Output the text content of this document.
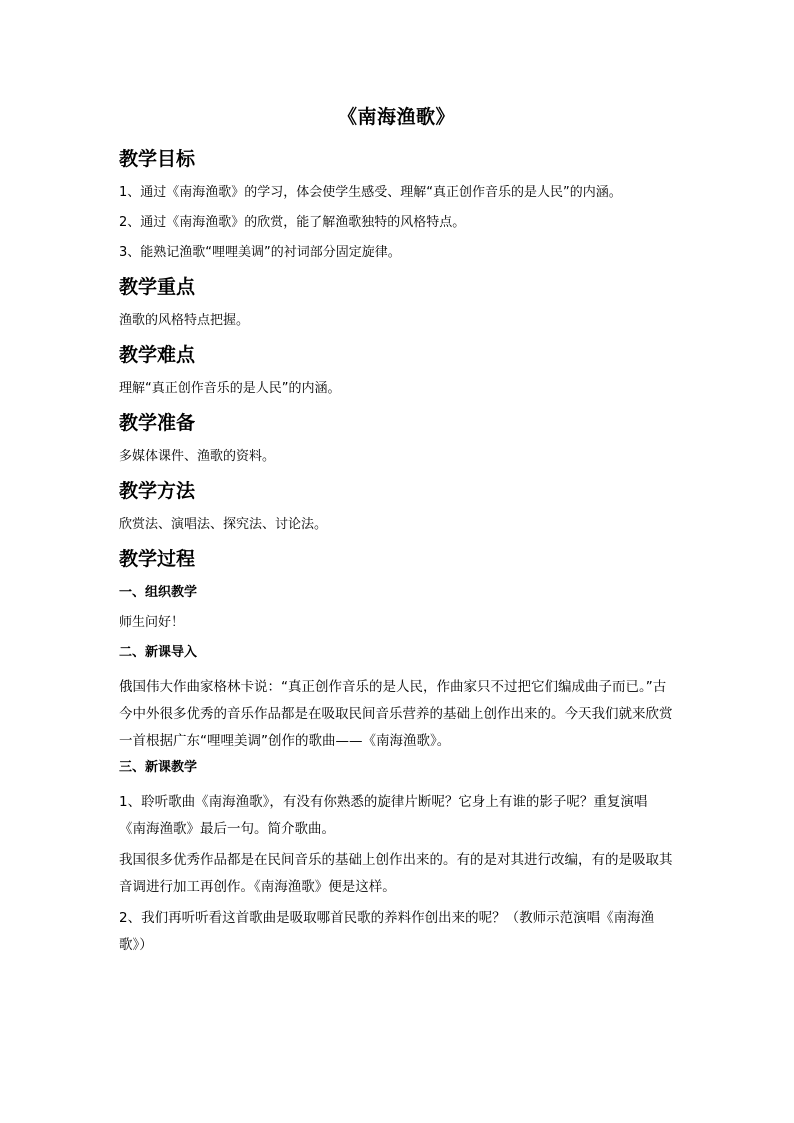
《南海渔歌》
教学目标
1、通过《南海渔歌》的学习，体会使学生感受、理解“真正创作音乐的是人民”的内涵。
2、通过《南海渔歌》的欣赏，能了解渔歌独特的风格特点。
3、能熟记渔歌“哩哩美调”的衬词部分固定旋律。
教学重点
渔歌的风格特点把握。
教学难点
理解“真正创作音乐的是人民”的内涵。
教学准备
多媒体课件、渔歌的资料。
教学方法
欣赏法、演唱法、探究法、讨论法。
教学过程
一、组织教学
师生问好！
二、新课导入
俄国伟大作曲家格林卡说：“真正创作音乐的是人民，作曲家只不过把它们编成曲子而已。”古今中外很多优秀的音乐作品都是在吸取民间音乐营养的基础上创作出来的。今天我们就来欣赏一首根据广东“哩哩美调”创作的歌曲——《南海渔歌》。
三、新课教学
1、聆听歌曲《南海渔歌》，有没有你熟悉的旋律片断呢？它身上有谁的影子呢？重复演唱《南海渔歌》最后一句。简介歌曲。
我国很多优秀作品都是在民间音乐的基础上创作出来的。有的是对其进行改编，有的是吸取其音调进行加工再创作。《南海渔歌》便是这样。
2、我们再听听看这首歌曲是吸取哪首民歌的养料作创出来的呢？（教师示范演唱《南海渔歌》）
